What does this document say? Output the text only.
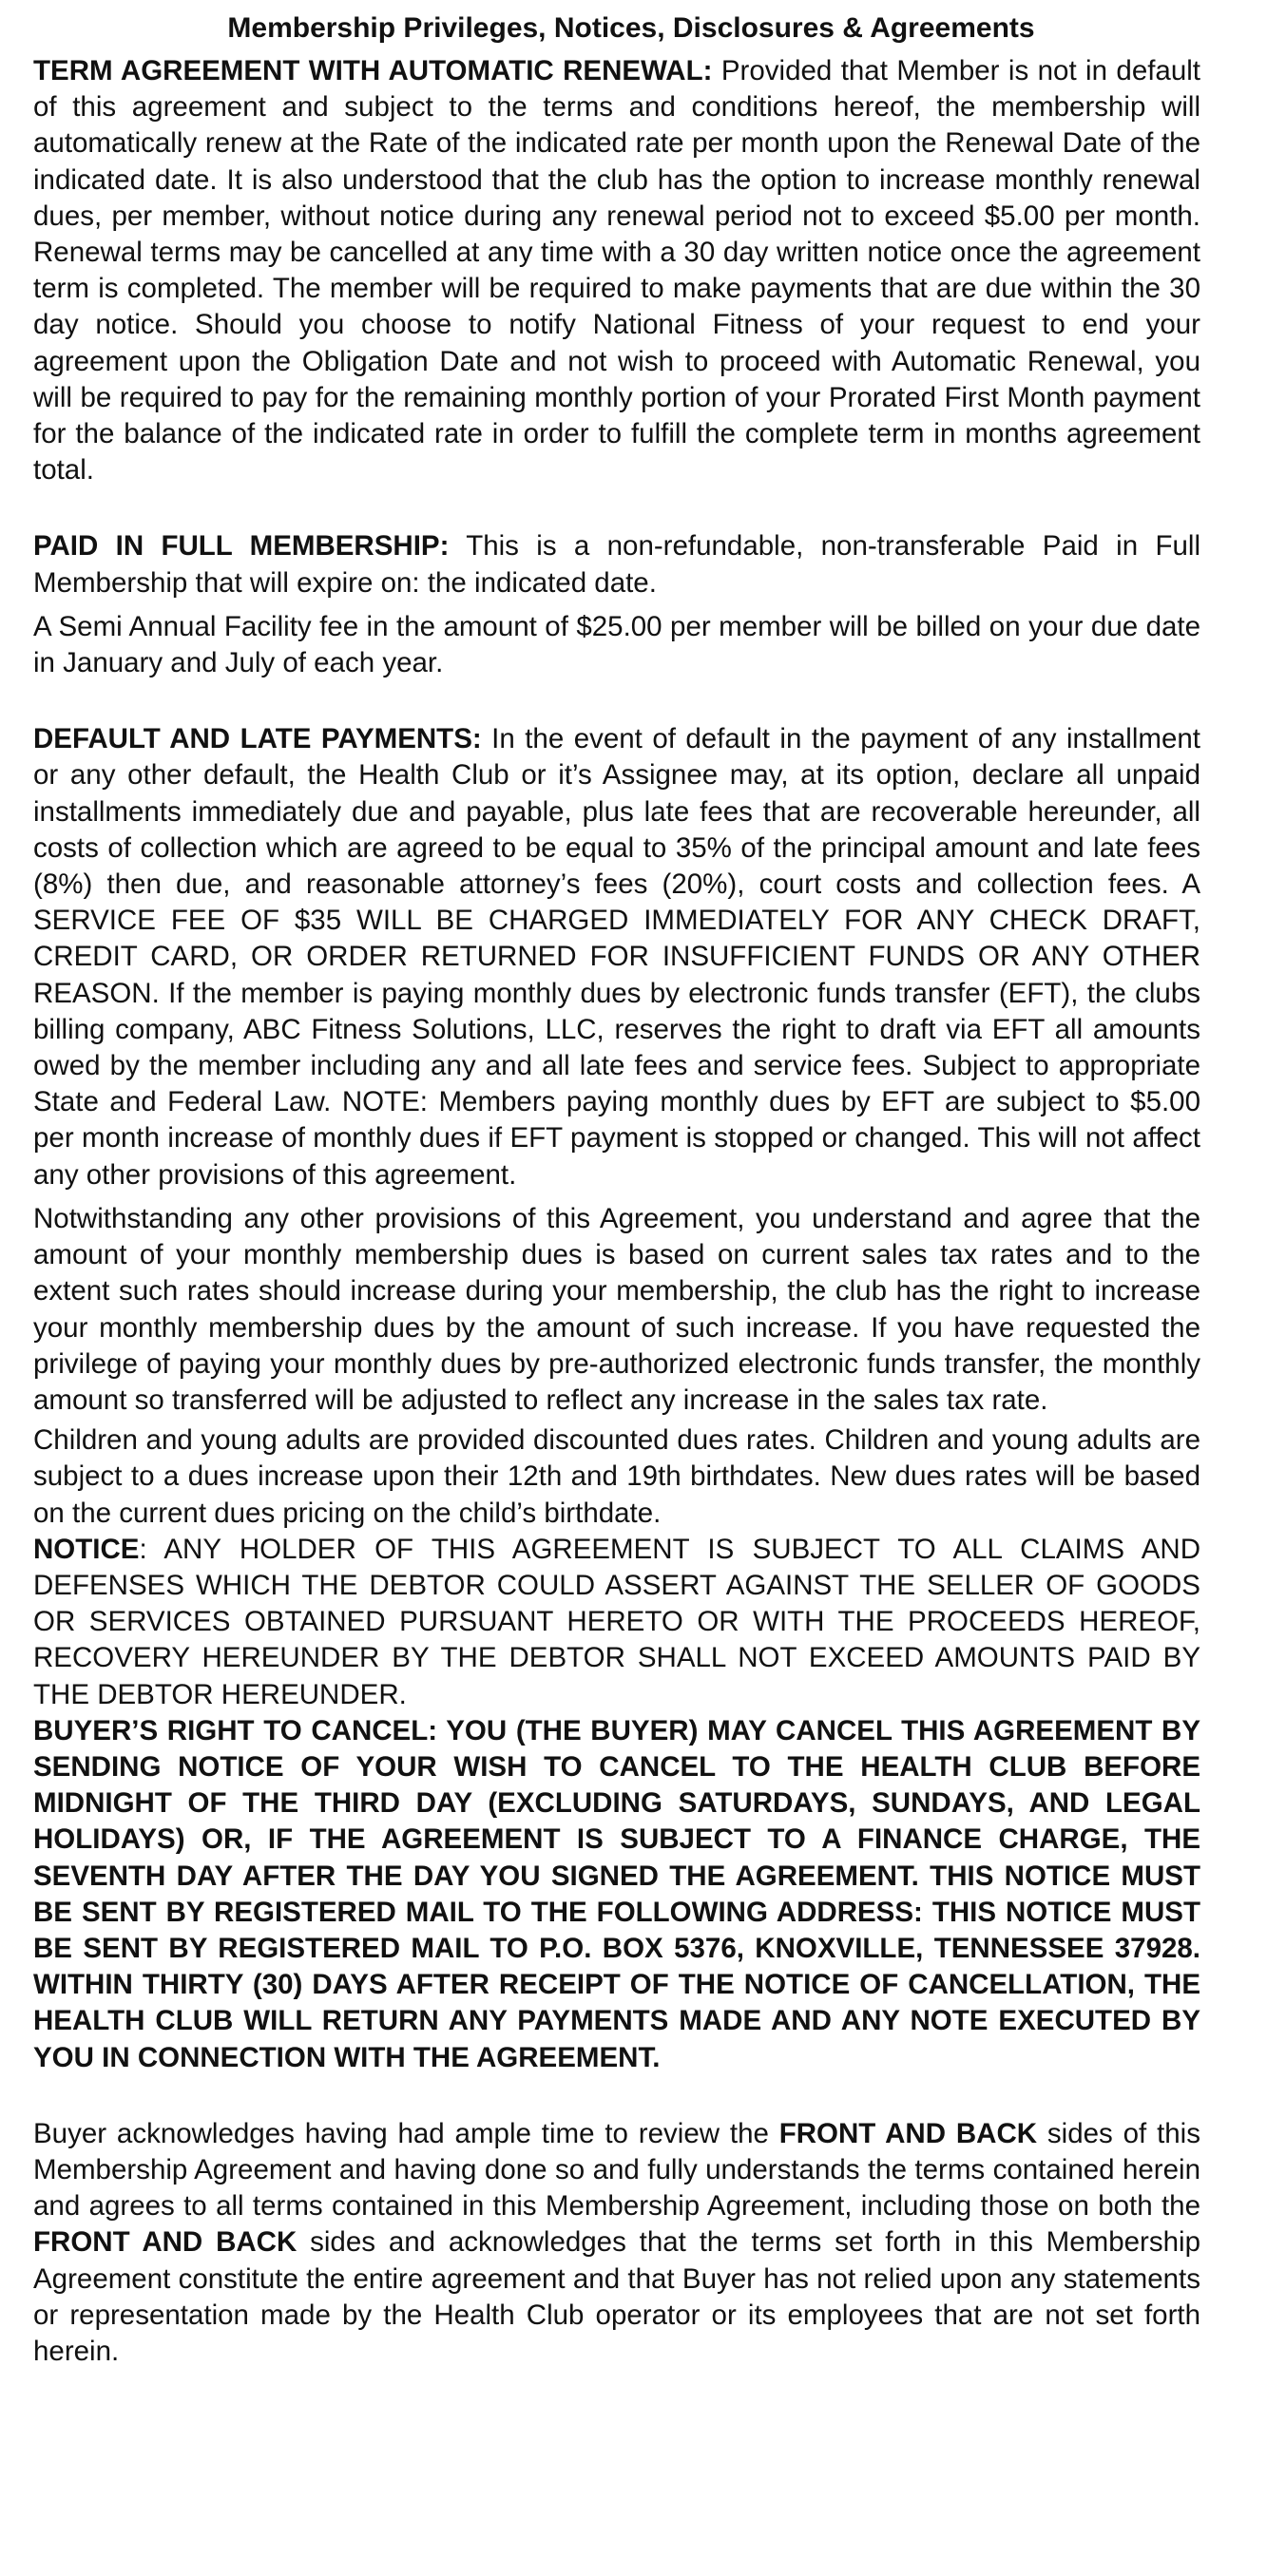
Membership Privileges, Notices, Disclosures & Agreements

TERM AGREEMENT WITH AUTOMATIC RENEWAL: Provided that Member is not in default of this agreement and subject to the terms and conditions hereof, the membership will automatically renew at the Rate of the indicated rate per month upon the Renewal Date of the indicated date. It is also understood that the club has the option to increase monthly renewal dues, per member, without notice during any renewal period not to exceed $5.00 per month. Renewal terms may be cancelled at any time with a 30 day written notice once the agreement term is completed. The member will be required to make payments that are due within the 30 day notice. Should you choose to notify National Fitness of your request to end your agreement upon the Obligation Date and not wish to proceed with Automatic Renewal, you will be required to pay for the remaining monthly portion of your Prorated First Month payment for the balance of the indicated rate in order to fulfill the complete term in months agreement total.

PAID IN FULL MEMBERSHIP: This is a non-refundable, non-transferable Paid in Full Membership that will expire on: the indicated date.

A Semi Annual Facility fee in the amount of $25.00 per member will be billed on your due date in January and July of each year.

DEFAULT AND LATE PAYMENTS: In the event of default in the payment of any installment or any other default, the Health Club or it’s Assignee may, at its option, declare all unpaid installments immediately due and payable, plus late fees that are recoverable hereunder, all costs of collection which are agreed to be equal to 35% of the principal amount and late fees (8%) then due, and reasonable attorney’s fees (20%), court costs and collection fees. A SERVICE FEE OF $35 WILL BE CHARGED IMMEDIATELY FOR ANY CHECK DRAFT, CREDIT CARD, OR ORDER RETURNED FOR INSUFFICIENT FUNDS OR ANY OTHER REASON. If the member is paying monthly dues by electronic funds transfer (EFT), the clubs billing company, ABC Fitness Solutions, LLC, reserves the right to draft via EFT all amounts owed by the member including any and all late fees and service fees. Subject to appropriate State and Federal Law. NOTE: Members paying monthly dues by EFT are subject to $5.00 per month increase of monthly dues if EFT payment is stopped or changed. This will not affect any other provisions of this agreement.

Notwithstanding any other provisions of this Agreement, you understand and agree that the amount of your monthly membership dues is based on current sales tax rates and to the extent such rates should increase during your membership, the club has the right to increase your monthly membership dues by the amount of such increase. If you have requested the privilege of paying your monthly dues by pre-authorized electronic funds transfer, the monthly amount so transferred will be adjusted to reflect any increase in the sales tax rate.

Children and young adults are provided discounted dues rates. Children and young adults are subject to a dues increase upon their 12th and 19th birthdates. New dues rates will be based on the current dues pricing on the child’s birthdate.

NOTICE: ANY HOLDER OF THIS AGREEMENT IS SUBJECT TO ALL CLAIMS AND DEFENSES WHICH THE DEBTOR COULD ASSERT AGAINST THE SELLER OF GOODS OR SERVICES OBTAINED PURSUANT HERETO OR WITH THE PROCEEDS HEREOF, RECOVERY HEREUNDER BY THE DEBTOR SHALL NOT EXCEED AMOUNTS PAID BY THE DEBTOR HEREUNDER.

BUYER’S RIGHT TO CANCEL: YOU (THE BUYER) MAY CANCEL THIS AGREEMENT BY SENDING NOTICE OF YOUR WISH TO CANCEL TO THE HEALTH CLUB BEFORE MIDNIGHT OF THE THIRD DAY (EXCLUDING SATURDAYS, SUNDAYS, AND LEGAL HOLIDAYS) OR, IF THE AGREEMENT IS SUBJECT TO A FINANCE CHARGE, THE SEVENTH DAY AFTER THE DAY YOU SIGNED THE AGREEMENT. THIS NOTICE MUST BE SENT BY REGISTERED MAIL TO THE FOLLOWING ADDRESS: THIS NOTICE MUST BE SENT BY REGISTERED MAIL TO P.O. BOX 5376, KNOXVILLE, TENNESSEE 37928. WITHIN THIRTY (30) DAYS AFTER RECEIPT OF THE NOTICE OF CANCELLATION, THE HEALTH CLUB WILL RETURN ANY PAYMENTS MADE AND ANY NOTE EXECUTED BY YOU IN CONNECTION WITH THE AGREEMENT.

Buyer acknowledges having had ample time to review the FRONT AND BACK sides of this Membership Agreement and having done so and fully understands the terms contained herein and agrees to all terms contained in this Membership Agreement, including those on both the FRONT AND BACK sides and acknowledges that the terms set forth in this Membership Agreement constitute the entire agreement and that Buyer has not relied upon any statements or representation made by the Health Club operator or its employees that are not set forth herein.
